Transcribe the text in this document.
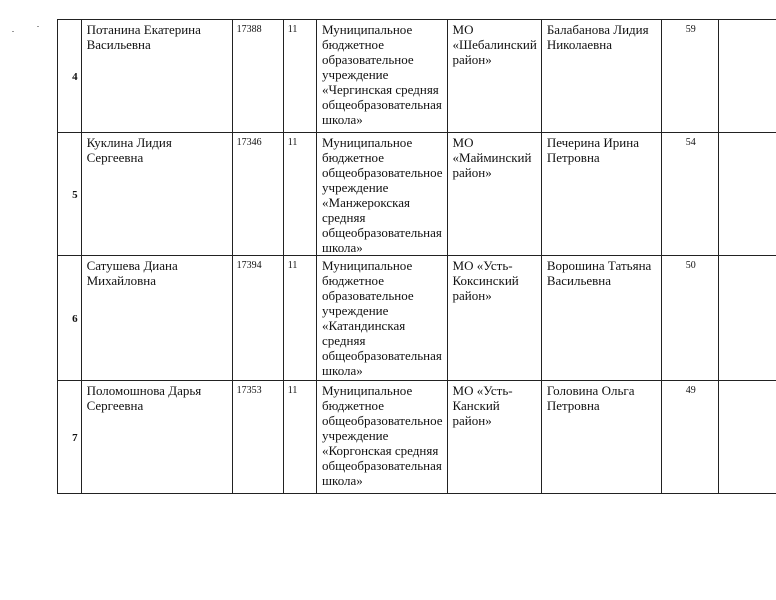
4	Потанина Екатерина Васильевна	17388	11	Муниципальное бюджетное образовательное учреждение «Чергинская средняя общеобразовательная школа»	МО «Шебалинский район»	Балабанова Лидия Николаевна	59	
5	Куклина Лидия Сергеевна	17346	11	Муниципальное бюджетное общеобразовательное учреждение «Манжерокская средняя общеобразовательная школа»	МО «Майминский район»	Печерина Ирина Петровна	54	
6	Сатушева Диана Михайловна	17394	11	Муниципальное бюджетное образовательное учреждение «Катандинская средняя общеобразовательная школа»	МО «Усть-Коксинский район»	Ворошина Татьяна Васильевна	50	
7	Поломошнова Дарья Сергеевна	17353	11	Муниципальное бюджетное общеобразовательное учреждение «Коргонская средняя общеобразовательная школа»	МО «Усть-Канский район»	Головина Ольга Петровна	49	
